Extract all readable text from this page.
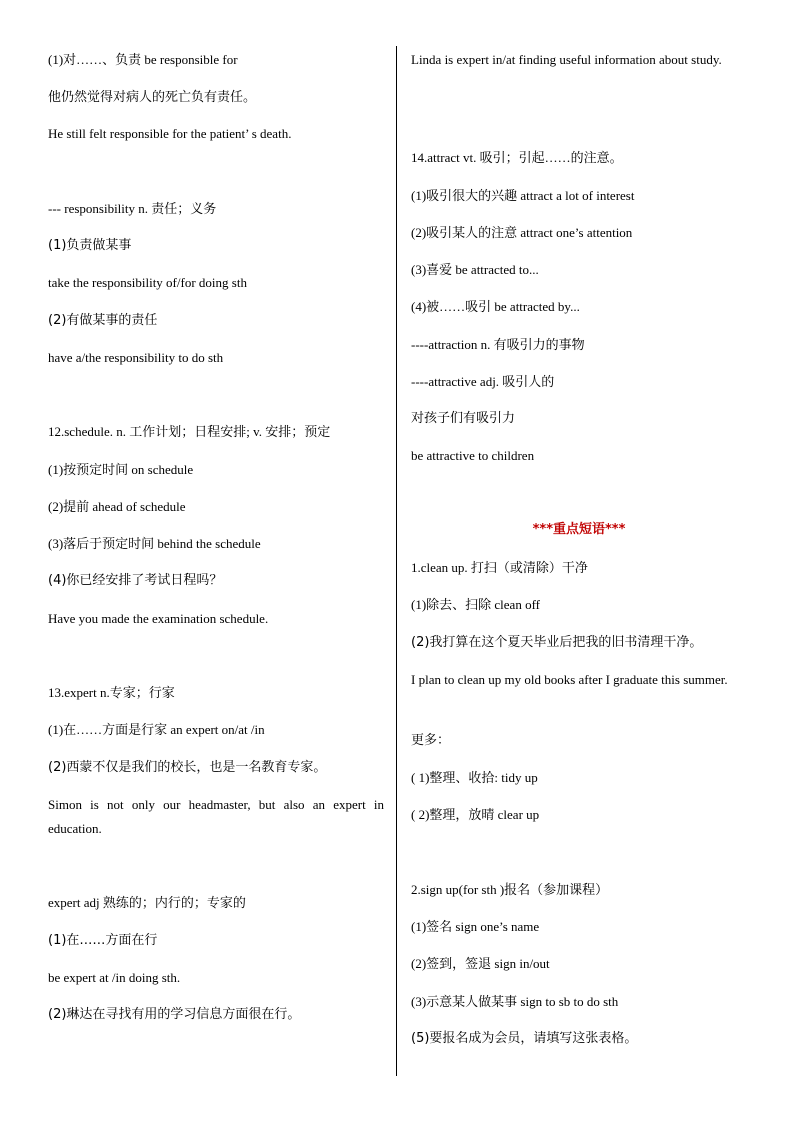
(1)对……、负责 be responsible for
他仍然觉得对病人的死亡负有责任。
He still felt responsible for the patient’ s death.
--- responsibility n. 责任；义务
(1)负责做某事
take the responsibility of/for doing sth
(2)有做某事的责任
have a/the responsibility to do sth
12.schedule. n. 工作计划；日程安排; v. 安排；预定
(1)按预定时间 on schedule
(2)提前 ahead of schedule
(3)落后于预定时间 behind the schedule
(4)你已经安排了考试日程吗？
Have you made the examination schedule.
13.expert n.专家；行家
(1)在……方面是行家 an expert on/at /in
(2)西蒙不仅是我们的校长，也是一名教育专家。
Simon is not only our headmaster, but also an expert in education.
expert adj 熟练的；内行的；专家的
(1)在……方面在行
be expert at /in doing sth.
(2)琳达在寻找有用的学习信息方面很在行。
Linda is expert in/at finding useful information about study.
14.attract vt. 吸引；引起……的注意。
(1)吸引很大的兴趣 attract a lot of interest
(2)吸引某人的注意 attract one’s attention
(3)喜爱 be attracted to...
(4)被……吸引 be attracted by...
----attraction n. 有吸引力的事物
----attractive adj. 吸引人的
对孩子们有吸引力
be attractive to children
***重点短语***
1.clean up. 打扫（或清除）干净
(1)除去、扫除 clean off
(2)我打算在这个夏天毕业后把我的旧书清理干净。
I plan to clean up my old books after I graduate this summer.
更多：
( 1)整理、收拾: tidy up
( 2)整理，放晴 clear up
2.sign up(for sth )报名（参加课程）
(1)签名 sign one’s name
(2)签到，签退 sign in/out
(3)示意某人做某事 sign to sb to do sth
(5)要报名成为会员，请填写这张表格。
